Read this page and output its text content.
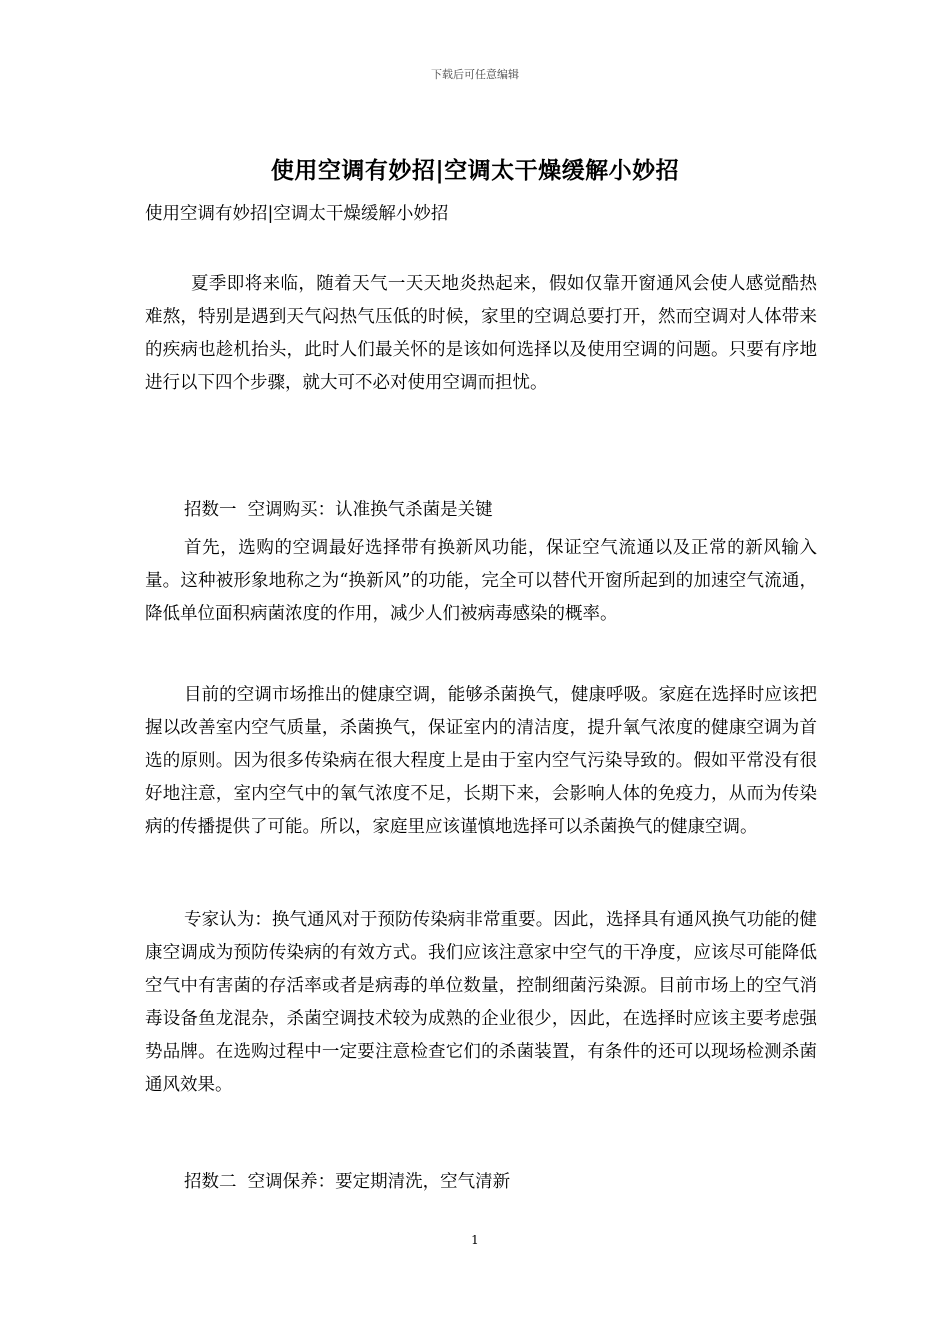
下载后可任意编辑
使用空调有妙招|空调太干燥缓解小妙招
使用空调有妙招|空调太干燥缓解小妙招

夏季即将来临，随着天气一天天地炎热起来，假如仅靠开窗通风会使人感觉酷热难熬，特别是遇到天气闷热气压低的时候，家里的空调总要打开，然而空调对人体带来的疾病也趁机抬头，此时人们最关怀的是该如何选择以及使用空调的问题。只要有序地进行以下四个步骤，就大可不必对使用空调而担忧。

招数一  空调购买：认准换气杀菌是关键

首先，选购的空调最好选择带有换新风功能，保证空气流通以及正常的新风输入量。这种被形象地称之为“换新风”的功能，完全可以替代开窗所起到的加速空气流通，降低单位面积病菌浓度的作用，减少人们被病毒感染的概率。

目前的空调市场推出的健康空调，能够杀菌换气，健康呼吸。家庭在选择时应该把握以改善室内空气质量，杀菌换气，保证室内的清洁度，提升氧气浓度的健康空调为首选的原则。因为很多传染病在很大程度上是由于室内空气污染导致的。假如平常没有很好地注意，室内空气中的氧气浓度不足，长期下来，会影响人体的免疫力，从而为传染病的传播提供了可能。所以，家庭里应该谨慎地选择可以杀菌换气的健康空调。

专家认为：换气通风对于预防传染病非常重要。因此，选择具有通风换气功能的健康空调成为预防传染病的有效方式。我们应该注意家中空气的干净度，应该尽可能降低空气中有害菌的存活率或者是病毒的单位数量，控制细菌污染源。目前市场上的空气消毒设备鱼龙混杂，杀菌空调技术较为成熟的企业很少，因此，在选择时应该主要考虑强势品牌。在选购过程中一定要注意检查它们的杀菌装置，有条件的还可以现场检测杀菌通风效果。

招数二  空调保养：要定期清洗，空气清新
1
